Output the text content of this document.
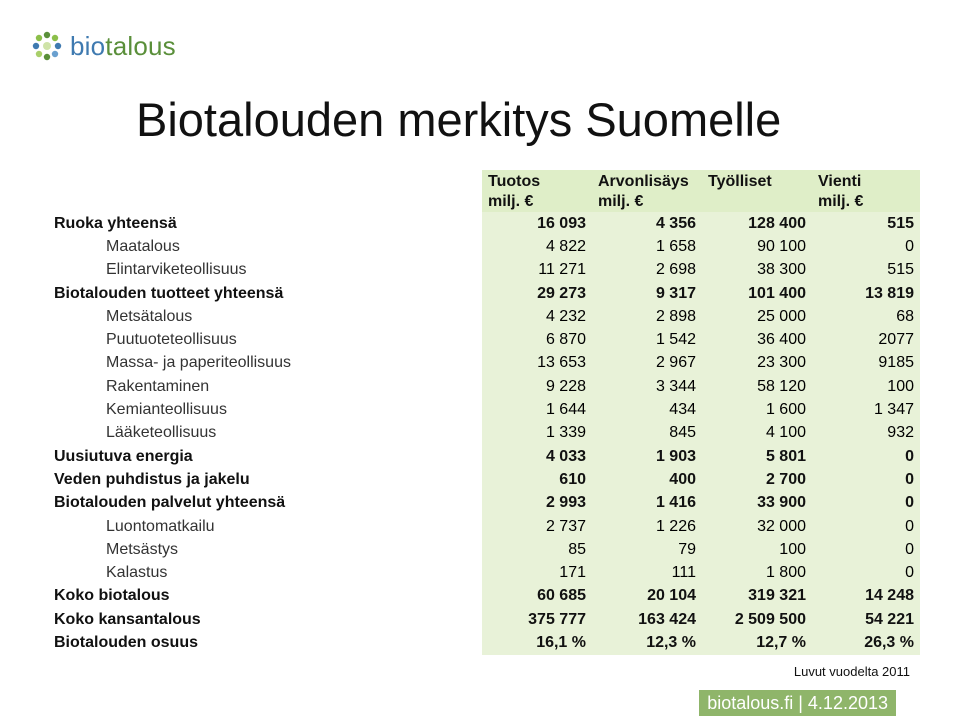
biotalous
Biotalouden merkitys Suomelle
	Tuotos	Arvonlisäys	Työlliset	Vienti
	milj. €	milj. €		milj. €
Ruoka yhteensä	16 093	4 356	128 400	515
Maatalous	4 822	1 658	90 100	0
Elintarviketeollisuus	11 271	2 698	38 300	515
Biotalouden tuotteet yhteensä	29 273	9 317	101 400	13 819
Metsätalous	4 232	2 898	25 000	68
Puutuoteteollisuus	6 870	1 542	36 400	2077
Massa- ja paperiteollisuus	13 653	2 967	23 300	9185
Rakentaminen	9 228	3 344	58 120	100
Kemianteollisuus	1 644	434	1 600	1 347
Lääketeollisuus	1 339	845	4 100	932
Uusiutuva energia	4 033	1 903	5 801	0
Veden puhdistus ja jakelu	610	400	2 700	0
Biotalouden palvelut yhteensä	2 993	1 416	33 900	0
Luontomatkailu	2 737	1 226	32 000	0
Metsästys	85	79	100	0
Kalastus	171	111	1 800	0
Koko biotalous	60 685	20 104	319 321	14 248
Koko kansantalous	375 777	163 424	2 509 500	54 221
Biotalouden osuus	16,1 %	12,3 %	12,7 %	26,3 %
Luvut vuodelta 2011
biotalous.fi | 4.12.2013
